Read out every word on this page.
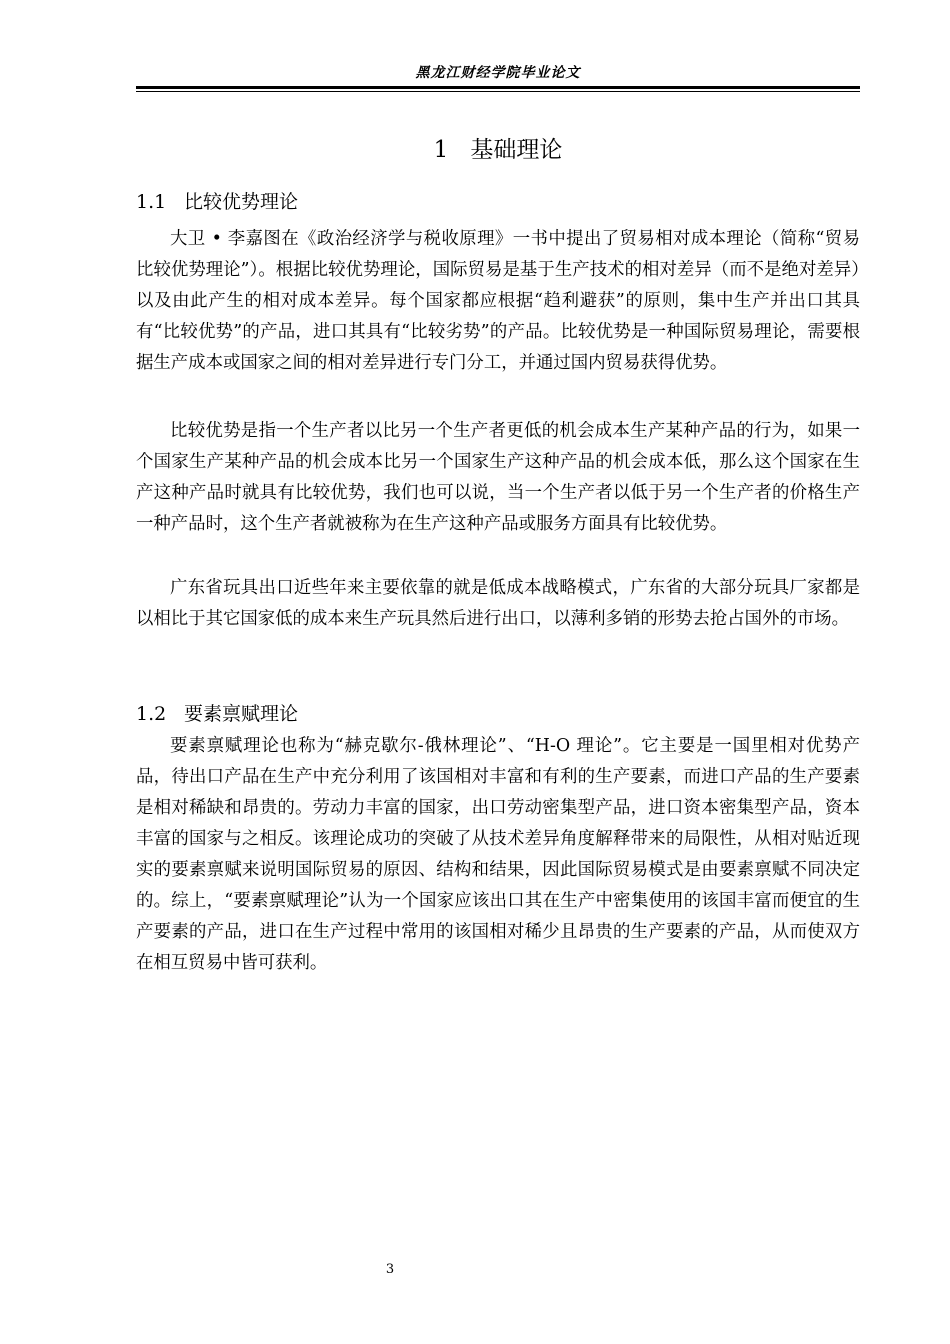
黑龙江财经学院毕业论文
1 基础理论
1.1 比较优势理论

大卫 • 李嘉图在《政治经济学与税收原理》一书中提出了贸易相对成本理论（简称“贸易比较优势理论”）。根据比较优势理论，国际贸易是基于生产技术的相对差异（而不是绝对差异）以及由此产生的相对成本差异。每个国家都应根据“趋利避获”的原则，集中生产并出口其具有“比较优势”的产品，进口其具有“比较劣势”的产品。比较优势是一种国际贸易理论，需要根据生产成本或国家之间的相对差异进行专门分工，并通过国内贸易获得优势。

比较优势是指一个生产者以比另一个生产者更低的机会成本生产某种产品的行为，如果一个国家生产某种产品的机会成本比另一个国家生产这种产品的机会成本低，那么这个国家在生产这种产品时就具有比较优势，我们也可以说，当一个生产者以低于另一个生产者的价格生产一种产品时，这个生产者就被称为在生产这种产品或服务方面具有比较优势。

广东省玩具出口近些年来主要依靠的就是低成本战略模式，广东省的大部分玩具厂家都是以相比于其它国家低的成本来生产玩具然后进行出口，以薄利多销的形势去抢占国外的市场。

1.2 要素禀赋理论

要素禀赋理论也称为“赫克歇尔-俄林理论”、“H-O 理论”。它主要是一国里相对优势产品，待出口产品在生产中充分利用了该国相对丰富和有利的生产要素，而进口产品的生产要素是相对稀缺和昂贵的。劳动力丰富的国家，出口劳动密集型产品，进口资本密集型产品，资本丰富的国家与之相反。该理论成功的突破了从技术差异角度解释带来的局限性，从相对贴近现实的要素禀赋来说明国际贸易的原因、结构和结果，因此国际贸易模式是由要素禀赋不同决定的。综上，“要素禀赋理论”认为一个国家应该出口其在生产中密集使用的该国丰富而便宜的生产要素的产品，进口在生产过程中常用的该国相对稀少且昂贵的生产要素的产品，从而使双方在相互贸易中皆可获利。

3
